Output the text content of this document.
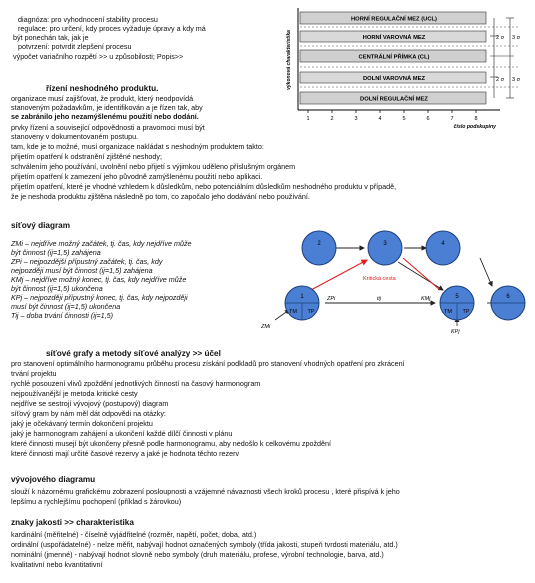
diagnóza: pro vyhodnocení stability procesu
regulace: pro určení, kdy proces vyžaduje úpravy a kdy má
být ponechán tak, jak je
potvrzení: potvrdit zlepšení procesu
výpočet variačního rozpětí >> u způsobilosti; Popis>>
HORNÍ REGULAČNÍ MEZ (UCL)
HORNÍ VAROVNÁ MEZ
CENTRÁLNÍ PŘÍMKA (CL)
DOLNÍ VAROVNÁ MEZ
DOLNÍ REGULAČNÍ MEZ
2 σ 3 σ
2 σ 3 σ
výkonová charakteristika
1	2	3	4	5	6	7	8
číslo podskupiny
řízení neshodného produktu.
organizace musí zajišťovat, že produkt, který neodpovídá
stanoveným požadavkům, je identifikován a je řízen tak, aby
se zabránilo jeho nezamýšlenému použití nebo dodání.
prvky řízení a související odpovědnosti a pravomoci musí být
stanoveny v dokumentovaném postupu.
tam, kde je to možné, musí organizace nakládat s neshodným produktem takto:
přijetím opatření k odstranění zjištěné neshody;
schválením jeho používání, uvolnění nebo přijetí s výjimkou uděleno příslušným orgánem
přijetím opatření k zamezení jeho původně zamýšlenému použití nebo aplikaci.
přijetím opatření, které je vhodné vzhledem k důsledkům, nebo potenciálním důsledkům neshodného produktu v případě,
že je neshoda produktu zjištěna následně po tom, co započalo jeho dodávání nebo používání.
síťový diagram
ZMi – nejdříve možný začátek, tj. čas, kdy nejdříve může
být činnost (ij=1,5) zahájena
ZPi – nejpozdější přípustný začátek, tj. čas, kdy
nejpozději musí být činnost (ij=1,5) zahájena
KMj – nejdříve možný konec, tj. čas, kdy nejdříve může
být činnost (ij=1,5) ukončena
KPj – nejpozději přípustný konec, tj. čas, kdy nejpozději
musí být činnost (ij=1,5) ukončena
Tij – doba trvání činnosti (ij=1,5)
1
2	3	4
5	6
TM TP	TM TP
Kritická cesta
ZPi	tij	KMj
ZMi
KPj
síťové grafy a metody síťové analýzy >> účel
pro stanovení optimálního harmonogramu průběhu procesu získání podkladů pro stanovení vhodných opatření pro zkrácení
trvání projektu
rychlé posouzení vlivů zpoždění jednotlivých činností na časový harmonogram
nejpoužívanější je metoda kritické cesty
nejdříve se sestrojí vývojový (postupový) diagram
síťový gram by nám měl dát odpovědi na otázky:
jaký je očekávaný termín dokončení projektu
jaký je harmonogram zahájení a ukončení každé dílčí činnosti v plánu
které činnosti musejí být ukončeny přesně podle harmonogramu, aby nedošlo k celkovému zpoždění
které činnosti mají určité časové rezervy a jaké je hodnota těchto rezerv
vývojového diagramu
slouží k názornému grafickému zobrazení posloupnosti a vzájemné návaznosti všech kroků procesu , které přispívá k jeho
lepšímu a rychlejšímu pochopení (příklad s žárovkou)
znaky jakosti >> charakteristika
kardinální (měřitelné) - číselně vyjádřitelné (rozměr, napětí, počet, doba, atd.)
ordinální (uspořádatelné) - nelze měřit, nabývají hodnot označených symboly (třída jakosti, stupeň tvrdosti materiálu, atd.)
nominální (jmenné) - nabývají hodnot slovně nebo symboly (druh materiálu, profese, výrobní technologie, barva, atd.)
kvalitativní nebo kvantitativní
